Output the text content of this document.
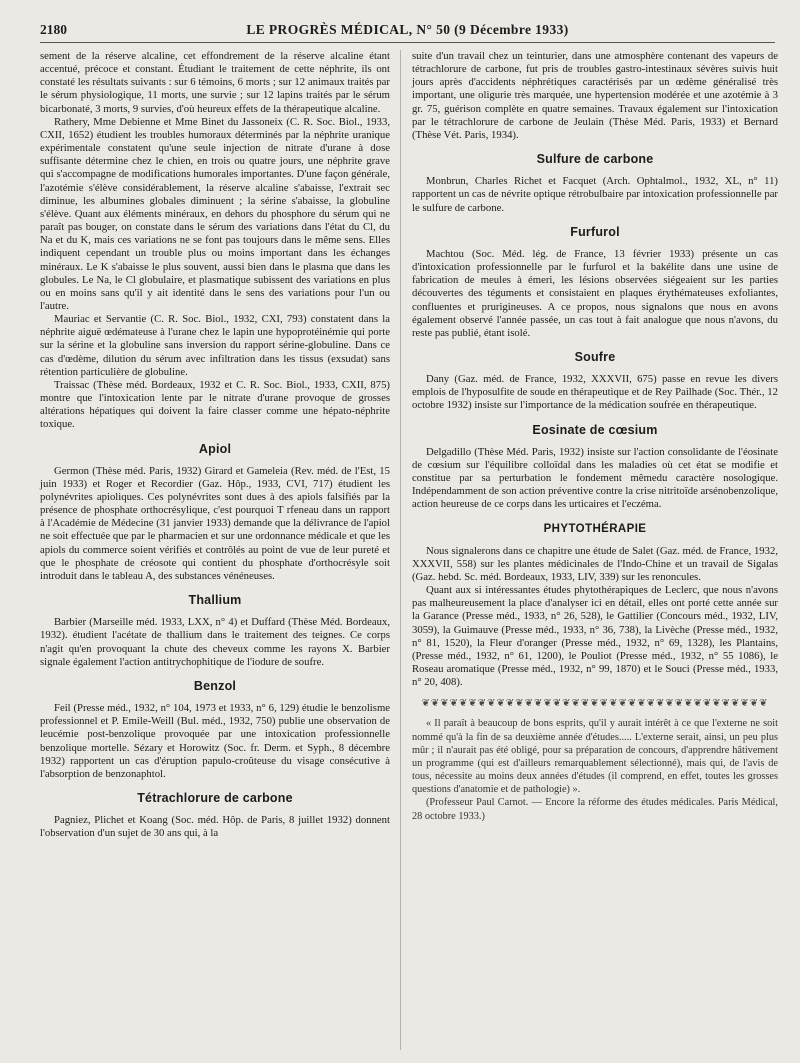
2180	LE PROGRÈS MÉDICAL, N° 50 (9 Décembre 1933)

sement de la réserve alcaline, cet effondrement de la réserve alcaline étant accentué, précoce et constant. Étudiant le traitement de cette néphrite, ils ont constaté les résultats suivants : sur 6 témoins, 6 morts ; sur 12 animaux traités par le sérum physiologique, 11 morts, une survie ; sur 12 lapins traités par le sérum bicarbonaté, 3 morts, 9 survies, d'où heureux effets de la thérapeutique alcaline.

Rathery, Mme Debienne et Mme Binet du Jassoneix (C. R. Soc. Biol., 1933, CXII, 1652) étudient les troubles humoraux déterminés par la néphrite uranique expérimentale constatent qu'une seule injection de nitrate d'urane à dose suffisante détermine chez le chien, en trois ou quatre jours, une néphrite grave qui s'accompagne de modifications humorales importantes. D'une façon générale, l'azotémie s'élève considérablement, la réserve alcaline s'abaisse, l'extrait sec diminue, les albumines globales diminuent ; la sérine s'abaisse, la globuline s'élève. Quant aux éléments minéraux, en dehors du phosphore du sérum qui ne paraît pas bouger, on constate dans le sérum des variations dans l'état du Cl, du Na et du K, mais ces variations ne se font pas toujours dans le même sens. Elles indiquent cependant un trouble plus ou moins important dans les échanges minéraux. Le K s'abaisse le plus souvent, aussi bien dans le plasma que dans les globules. Le Na, le Cl globulaire, et plasmatique subissent des variations en plus ou en moins sans qu'il y ait identité dans le sens des variations pour l'un ou l'autre.

Mauriac et Servantie (C. R. Soc. Biol., 1932, CXI, 793) constatent dans la néphrite aiguë œdémateuse à l'urane chez le lapin une hypoprotéinémie qui porte sur la sérine et la globuline sans inversion du rapport sérine-globuline. Dans ce cas d'œdème, dilution du sérum avec infiltration dans les tissus (exsudat) sans rétention particulière de globuline.

Traissac (Thèse méd. Bordeaux, 1932 et C. R. Soc. Biol., 1933, CXII, 875) montre que l'intoxication lente par le nitrate d'urane provoque de grosses altérations hépatiques qui doivent la faire classer comme une hépato-néphrite toxique.

Apiol

Germon (Thèse méd. Paris, 1932) Girard et Gameleia (Rev. méd. de l'Est, 15 juin 1933) et Roger et Recordier (Gaz. Hôp., 1933, CVI, 717) étudient les polynévrites apioliques. Ces polynévrites sont dues à des apiols falsifiés par la présence de phosphate orthocrésylique, c'est pourquoi T rfeneau dans un rapport à l'Académie de Médecine (31 janvier 1933) demande que la délivrance de l'apiol ne soit effectuée que par le pharmacien et sur une ordonnance médicale et que les apiols du commerce soient vérifiés et contrôlés au point de vue de leur pureté et que le phosphate de créosote qui contient du phosphate d'orthocrésyle soit introduit dans le tableau A, des substances vénéneuses.

Thallium

Barbier (Marseille méd. 1933, LXX, n° 4) et Duffard (Thèse Méd. Bordeaux, 1932). étudient l'acétate de thallium dans le traitement des teignes. Ce corps n'agit qu'en provoquant la chute des cheveux comme les rayons X. Barbier signale également l'action antitrychophitique de l'iodure de soufre.

Benzol

Feil (Presse méd., 1932, n° 104, 1973 et 1933, n° 6, 129) étudie le benzolisme professionnel et P. Emile-Weill (Bul. méd., 1932, 750) publie une observation de leucémie post-benzolique provoquée par une intoxication professionnelle benzolique mortelle. Sézary et Horowitz (Soc. fr. Derm. et Syph., 8 décembre 1932) rapportent un cas d'éruption papulo-croûteuse du visage consécutive à l'absorption de benzonaphtol.

Tétrachlorure de carbone

Pagniez, Plichet et Koang (Soc. méd. Hôp. de Paris, 8 juillet 1932) donnent l'observation d'un sujet de 30 ans qui, à la

suite d'un travail chez un teinturier, dans une atmosphère contenant des vapeurs de tétrachlorure de carbone, fut pris de troubles gastro-intestinaux sévères suivis huit jours après d'accidents néphrétiques caractérisés par un œdème généralisé très important, une oligurie très marquée, une hypertension modérée et une azotémie à 3 gr. 75, guérison complète en quatre semaines. Travaux également sur l'intoxication par le tétrachlorure de carbone de Jeulain (Thèse Méd. Paris, 1933) et Bernard (Thèse Vét. Paris, 1934).

Sulfure de carbone

Monbrun, Charles Richet et Facquet (Arch. Ophtalmol., 1932, XL, n° 11) rapportent un cas de névrite optique rétrobulbaire par intoxication professionnelle par le sulfure de carbone.

Furfurol

Machtou (Soc. Méd. lég. de France, 13 février 1933) présente un cas d'intoxication professionnelle par le furfurol et la bakélite dans une usine de fabrication de meules à émeri, les lésions observées siégeaient sur les parties découvertes des téguments et consistaient en plaques érythémateuses exfoliantes, confluentes et prurigineuses. A ce propos, nous signalons que nous en avons également observé l'année passée, un cas tout à fait analogue que nous n'avons, du reste pas publié, étant isolé.

Soufre

Dany (Gaz. méd. de France, 1932, XXXVII, 675) passe en revue les divers emplois de l'hyposulfite de soude en thérapeutique et de Rey Pailhade (Soc. Thér., 12 octobre 1932) insiste sur l'importance de la médication soufrée en thérapeutique.

Eosinate de cœsium

Delgadillo (Thèse Méd. Paris, 1932) insiste sur l'action consolidante de l'éosinate de cœsium sur l'équilibre colloïdal dans les maladies où cet état se modifie et constitue par sa perturbation le fondement mêmedu caractère nosologique. Indépendamment de son action préventive contre la crise nitritoïde arsénobenzolique, action heureuse de ce corps dans les urticaires et l'eczéma.

PHYTOTHÉRAPIE

Nous signalerons dans ce chapitre une étude de Salet (Gaz. méd. de France, 1932, XXXVII, 558) sur les plantes médicinales de l'Indo-Chine et un travail de Sigalas (Gaz. hebd. Sc. méd. Bordeaux, 1933, LIV, 339) sur les renoncules.

Quant aux si intéressantes études phytothérapiques de Leclerc, que nous n'avons pas malheureusement la place d'analyser ici en détail, elles ont porté cette année sur la Garance (Presse méd., 1933, n° 26, 528), le Gattilier (Concours méd., 1932, LIV, 3059), la Guimauve (Presse méd., 1933, n° 36, 738), la Livèche (Presse méd., 1932, n° 81, 1520), la Fleur d'oranger (Presse méd., 1932, n° 69, 1328), les Plantains, (Presse méd., 1932, n° 61, 1200), le Pouliot (Presse méd., 1932, n° 55 1086), le Roseau aromatique (Presse méd., 1932, n° 99, 1870) et le Souci (Presse méd., 1933, n° 20, 408).

❦❦❦❦❦❦❦❦❦❦❦❦❦❦❦❦❦❦❦❦❦❦❦❦❦❦❦❦❦❦❦❦❦❦❦❦❦

« Il paraît à beaucoup de bons esprits, qu'il y aurait intérêt à ce que l'externe ne soit nommé qu'à la fin de sa deuxième année d'études..... L'externe serait, ainsi, un peu plus mûr ; il n'aurait pas été obligé, pour sa préparation de concours, d'apprendre hâtivement un programme (qui est d'ailleurs remarquablement sélectionné), mais qui, de l'avis de tous, nécessite au moins deux années d'études (il comprend, en effet, toutes les grosses questions d'anatomie et de pathologie) ».

(Professeur Paul Carnot. — Encore la réforme des études médicales. Paris Médical, 28 octobre 1933.)
